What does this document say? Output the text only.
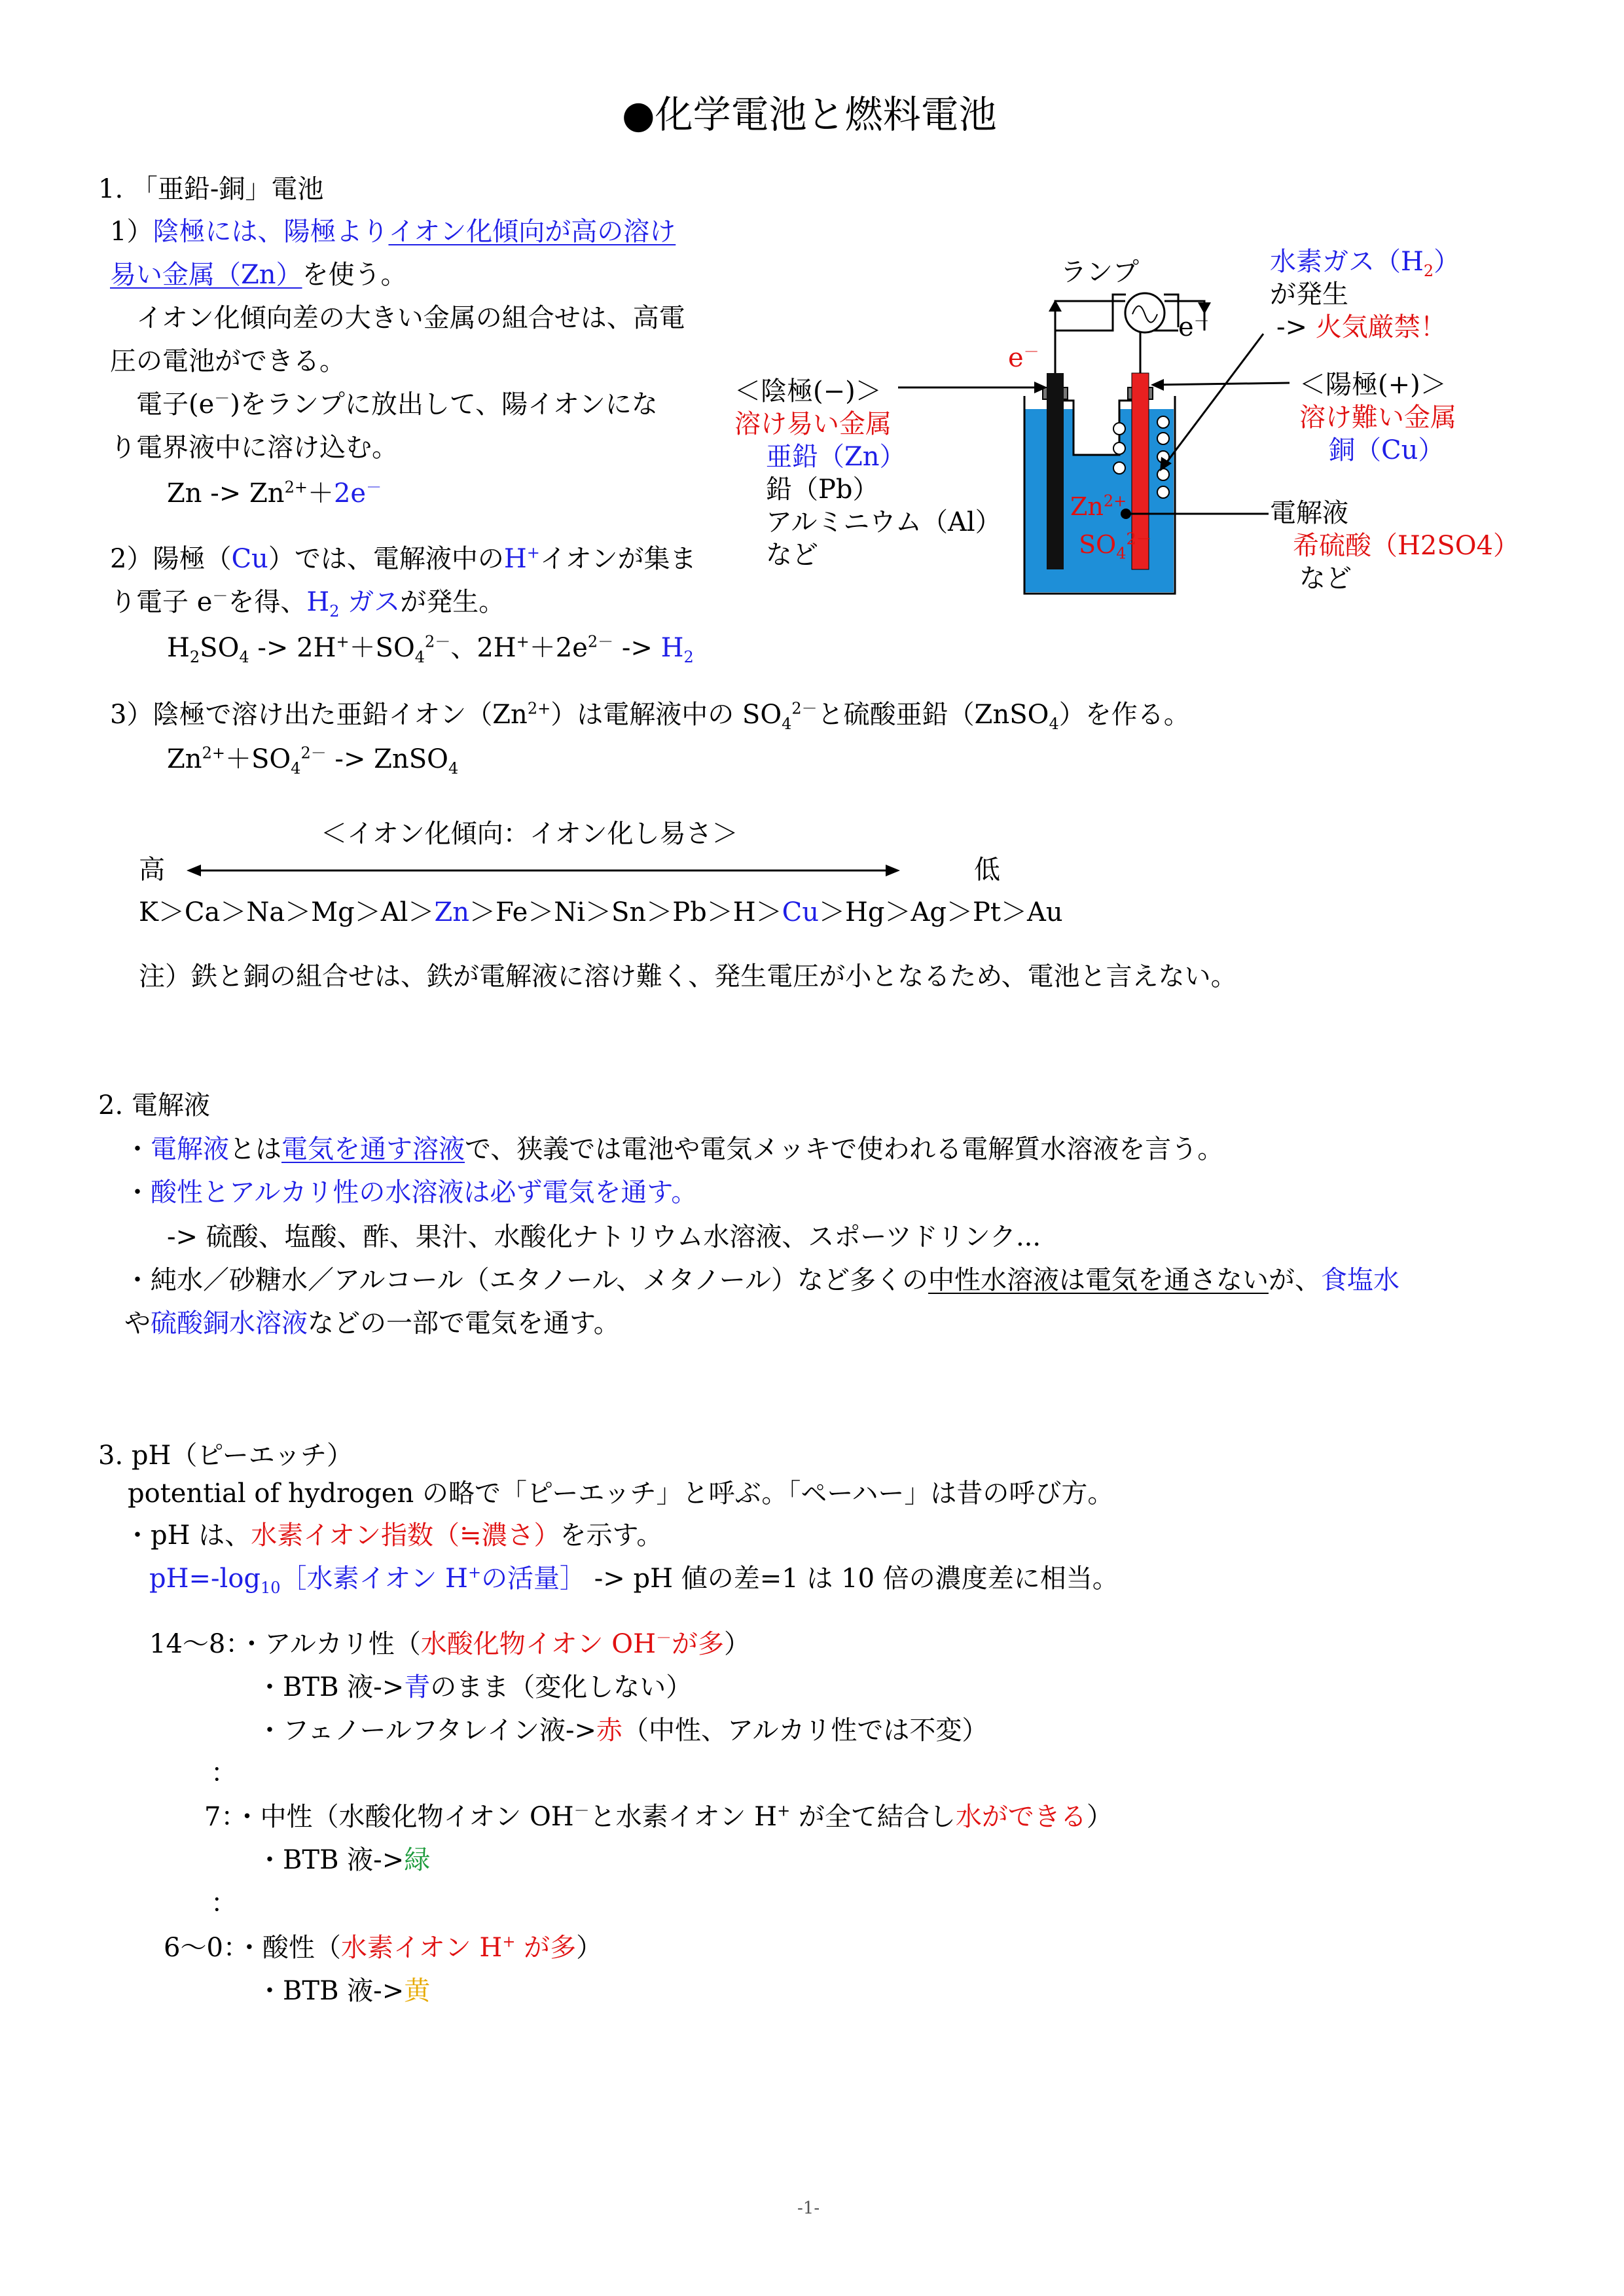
●化学電池と燃料電池
1. 「亜鉛-銅」電池
1）陰極には、陽極よりイオン化傾向が高の溶け
易い金属（Zn）を使う。
　イオン化傾向差の大きい金属の組合せは、高電
圧の電池ができる。
　電子(e－)をランプに放出して、陽イオンにな
り電界液中に溶け込む。
$Zn -> Zn^{2+}+2e^-$
2）陽極（Cu）では、電解液中のH+イオンが集ま
り電子 e－を得、$H_2$ ガスが発生。
$H_2SO_4 -> 2H^++SO_4^{2-}$、$2H^++2e^{2-} -> H_2$
3）陰極で溶け出た亜鉛イオン$(Zn^{2+})$は電解液中の $SO_4^{2-}$と硫酸亜鉛（ZnSO$_4$）を作る。
$Zn^{2+}+SO_4^{2-}$ -> ZnSO$_4$
＜イオン化傾向：イオン化し易さ＞
高	低
K＞Ca＞Na＞Mg＞Al＞Zn＞Fe＞Ni＞Sn＞Pb＞H＞Cu＞Hg＞Ag＞Pt＞Au
注）鉄と銅の組合せは、鉄が電解液に溶け難く、発生電圧が小となるため、電池と言えない。
ランプ	水素ガス$(H_2)$
が発生
-> 火気厳禁！
e－
e－
＜陰極(−)＞
溶け易い金属
亜鉛（Zn）
鉛（Pb）
アルミニウム（Al）
など
＜陽極(+)＞
溶け難い金属
銅（Cu）
電解液
希硫酸（H2SO4）
など
$Zn^{2+}$
$SO_4^{2-}$
2. 電解液
・電解液とは電気を通す溶液で、狭義では電池や電気メッキで使われる電解質水溶液を言う。
・酸性とアルカリ性の水溶液は必ず電気を通す。
-> 硫酸、塩酸、酢、果汁、水酸化ナトリウム水溶液、スポーツドリンク...
・純水／砂糖水／アルコール（エタノール、メタノール）など多くの中性水溶液は電気を通さないが、食塩水
や硫酸銅水溶液などの一部で電気を通す。
3. pH（ピーエッチ）
potential of hydrogen の略で「ピーエッチ」と呼ぶ。「ペーハー」は昔の呼び方。
・pH は、水素イオン指数（≒濃さ）を示す。
$pH=-\log_{10}[$水素イオン H+の活量］ -> pH 値の差=1 は 10 倍の濃度差に相当。
14〜8：・アルカリ性（水酸化物イオン OH－が多）
・BTB 液->青のまま（変化しない）
・フェノールフタレイン液->赤（中性、アルカリ性では不変）
：
7：・中性（水酸化物イオン OH－と水素イオン H+ が全て結合し水ができる）
・BTB 液->緑
：
6〜0：・酸性（水素イオン H+ が多）
・BTB 液->黄
-1-
